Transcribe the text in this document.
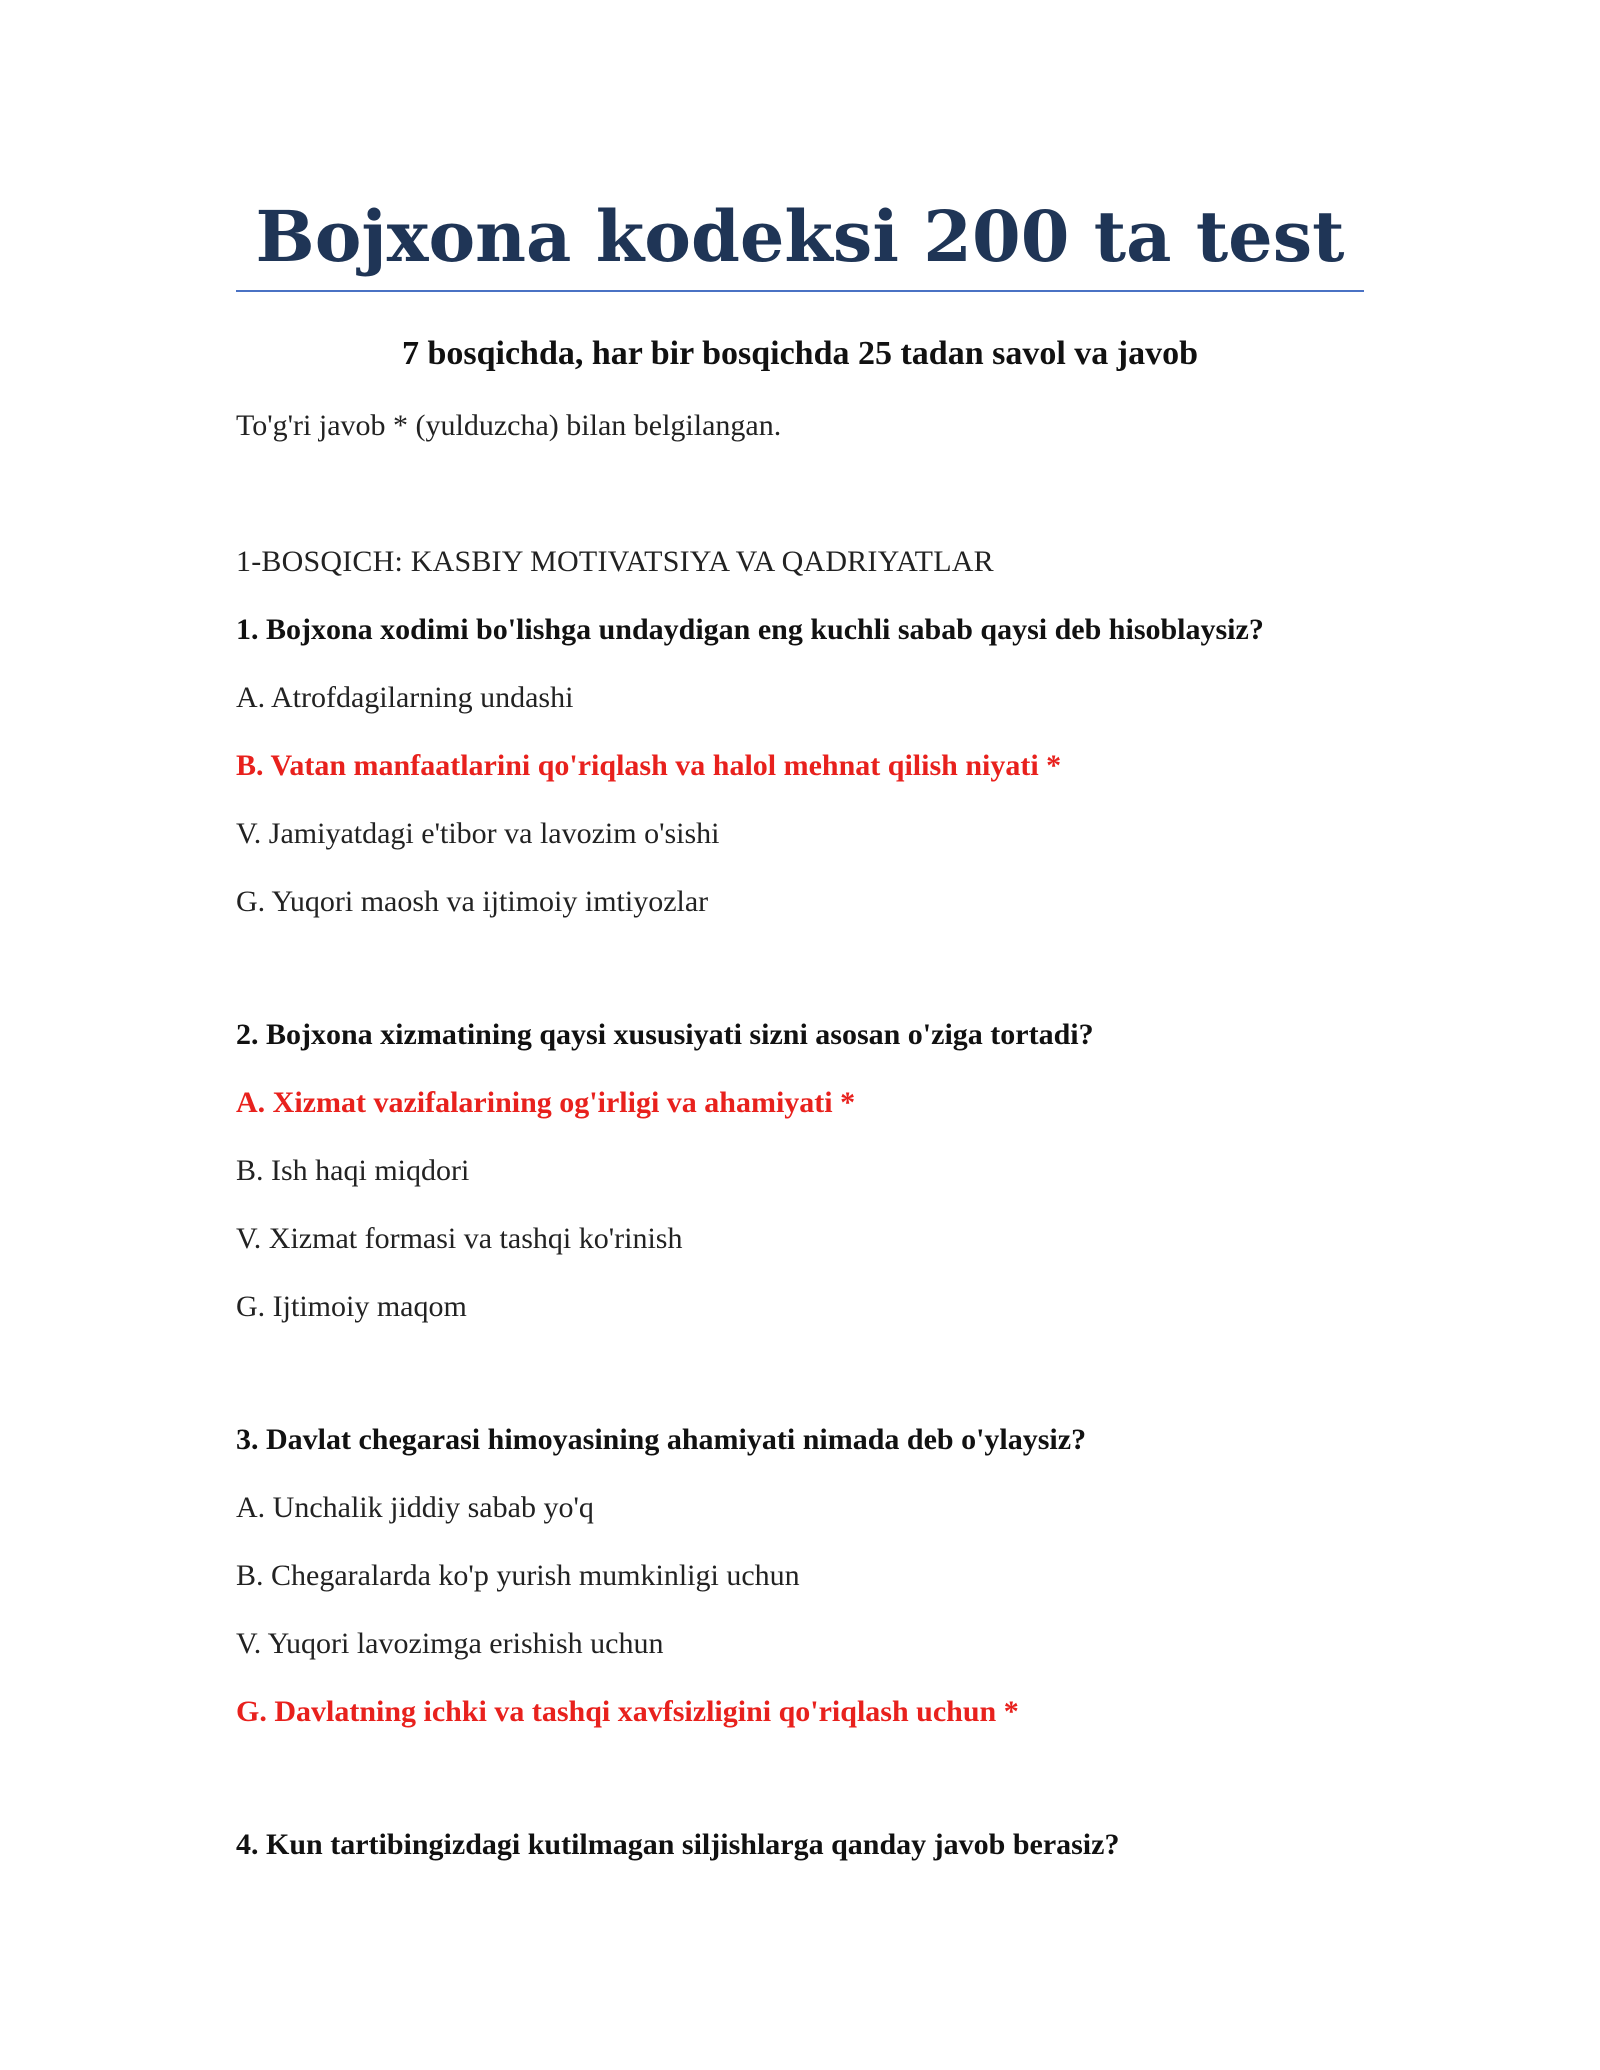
Bojxona kodeksi 200 ta test
7 bosqichda, har bir bosqichda 25 tadan savol va javob

To'g'ri javob * (yulduzcha) bilan belgilangan.

1-BOSQICH: KASBIY MOTIVATSIYA VA QADRIYATLAR

1. Bojxona xodimi bo'lishga undaydigan eng kuchli sabab qaysi deb hisoblaysiz?

A. Atrofdagilarning undashi

B. Vatan manfaatlarini qo'riqlash va halol mehnat qilish niyati *

V. Jamiyatdagi e'tibor va lavozim o'sishi

G. Yuqori maosh va ijtimoiy imtiyozlar

2. Bojxona xizmatining qaysi xususiyati sizni asosan o'ziga tortadi?

A. Xizmat vazifalarining og'irligi va ahamiyati *

B. Ish haqi miqdori

V. Xizmat formasi va tashqi ko'rinish

G. Ijtimoiy maqom

3. Davlat chegarasi himoyasining ahamiyati nimada deb o'ylaysiz?

A. Unchalik jiddiy sabab yo'q

B. Chegaralarda ko'p yurish mumkinligi uchun

V. Yuqori lavozimga erishish uchun

G. Davlatning ichki va tashqi xavfsizligini qo'riqlash uchun *

4. Kun tartibingizdagi kutilmagan siljishlarga qanday javob berasiz?
